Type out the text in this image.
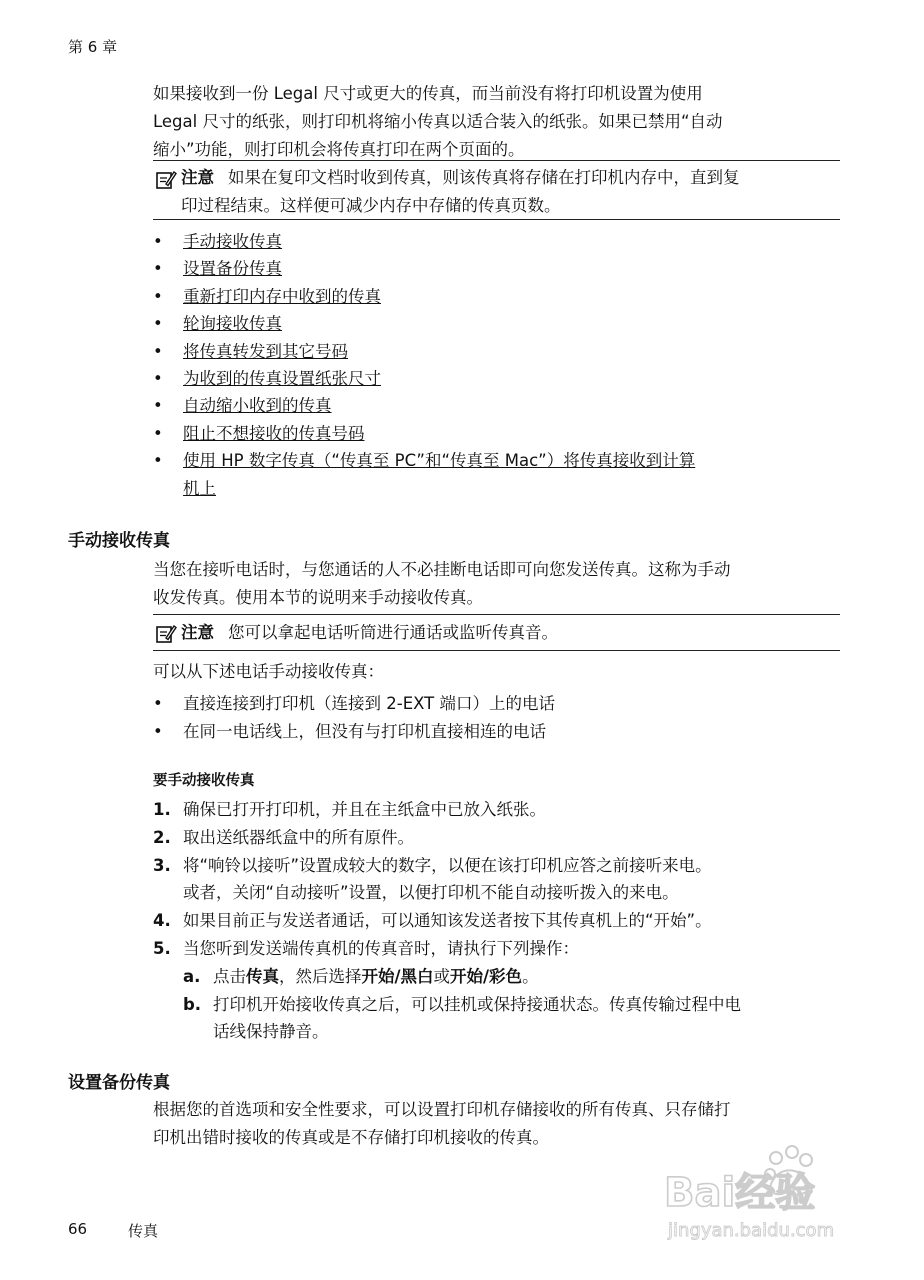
第 6 章
如果接收到一份 Legal 尺寸或更大的传真，而当前没有将打印机设置为使用
Legal 尺寸的纸张，则打印机将缩小传真以适合装入的纸张。如果已禁用“自动
缩小”功能，则打印机会将传真打印在两个页面的。
注意 如果在复印文档时收到传真，则该传真将存储在打印机内存中，直到复
印过程结束。这样便可减少内存中存储的传真页数。
• 手动接收传真
• 设置备份传真
• 重新打印内存中收到的传真
• 轮询接收传真
• 将传真转发到其它号码
• 为收到的传真设置纸张尺寸
• 自动缩小收到的传真
• 阻止不想接收的传真号码
• 使用 HP 数字传真（“传真至 PC”和“传真至 Mac”）将传真接收到计算
机上
手动接收传真
当您在接听电话时，与您通话的人不必挂断电话即可向您发送传真。这称为手动
收发传真。使用本节的说明来手动接收传真。
注意 您可以拿起电话听筒进行通话或监听传真音。
可以从下述电话手动接收传真：
• 直接连接到打印机（连接到 2-EXT 端口）上的电话
• 在同一电话线上，但没有与打印机直接相连的电话
要手动接收传真
1. 确保已打开打印机，并且在主纸盒中已放入纸张。
2. 取出送纸器纸盒中的所有原件。
3. 将“响铃以接听”设置成较大的数字，以便在该打印机应答之前接听来电。
或者，关闭“自动接听”设置，以便打印机不能自动接听拨入的来电。
4. 如果目前正与发送者通话，可以通知该发送者按下其传真机上的“开始”。
5. 当您听到发送端传真机的传真音时，请执行下列操作：
a. 点击传真，然后选择开始/黑白或开始/彩色。
b. 打印机开始接收传真之后，可以挂机或保持接通状态。传真传输过程中电
话线保持静音。
设置备份传真
根据您的首选项和安全性要求，可以设置打印机存储接收的所有传真、只存储打
印机出错时接收的传真或是不存储打印机接收的传真。
66	传真
Bai经验
jingyan.baidu.com
